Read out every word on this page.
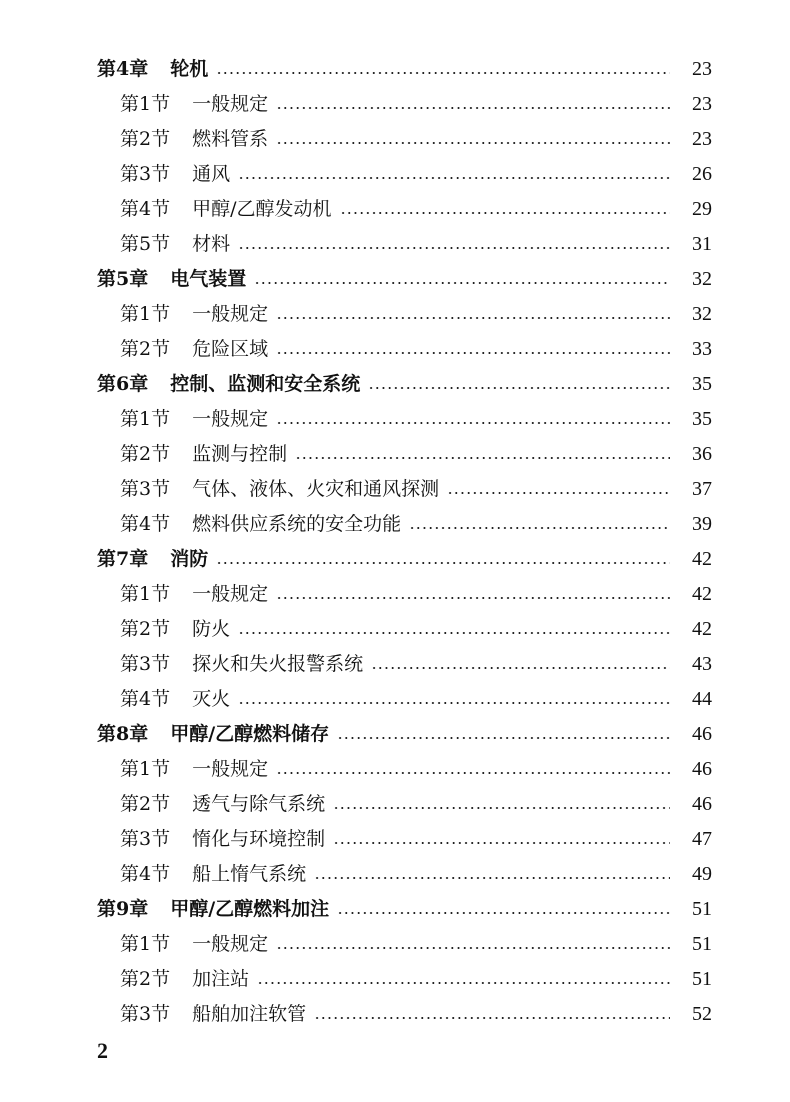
第4章 轮机	23
第1节 一般规定	23
第2节 燃料管系	23
第3节 通风	26
第4节 甲醇/乙醇发动机	29
第5节 材料	31
第5章 电气装置	32
第1节 一般规定	32
第2节 危险区域	33
第6章 控制、监测和安全系统	35
第1节 一般规定	35
第2节 监测与控制	36
第3节 气体、液体、火灾和通风探测	37
第4节 燃料供应系统的安全功能	39
第7章 消防	42
第1节 一般规定	42
第2节 防火	42
第3节 探火和失火报警系统	43
第4节 灭火	44
第8章 甲醇/乙醇燃料储存	46
第1节 一般规定	46
第2节 透气与除气系统	46
第3节 惰化与环境控制	47
第4节 船上惰气系统	49
第9章 甲醇/乙醇燃料加注	51
第1节 一般规定	51
第2节 加注站	51
第3节 船舶加注软管	52
2
